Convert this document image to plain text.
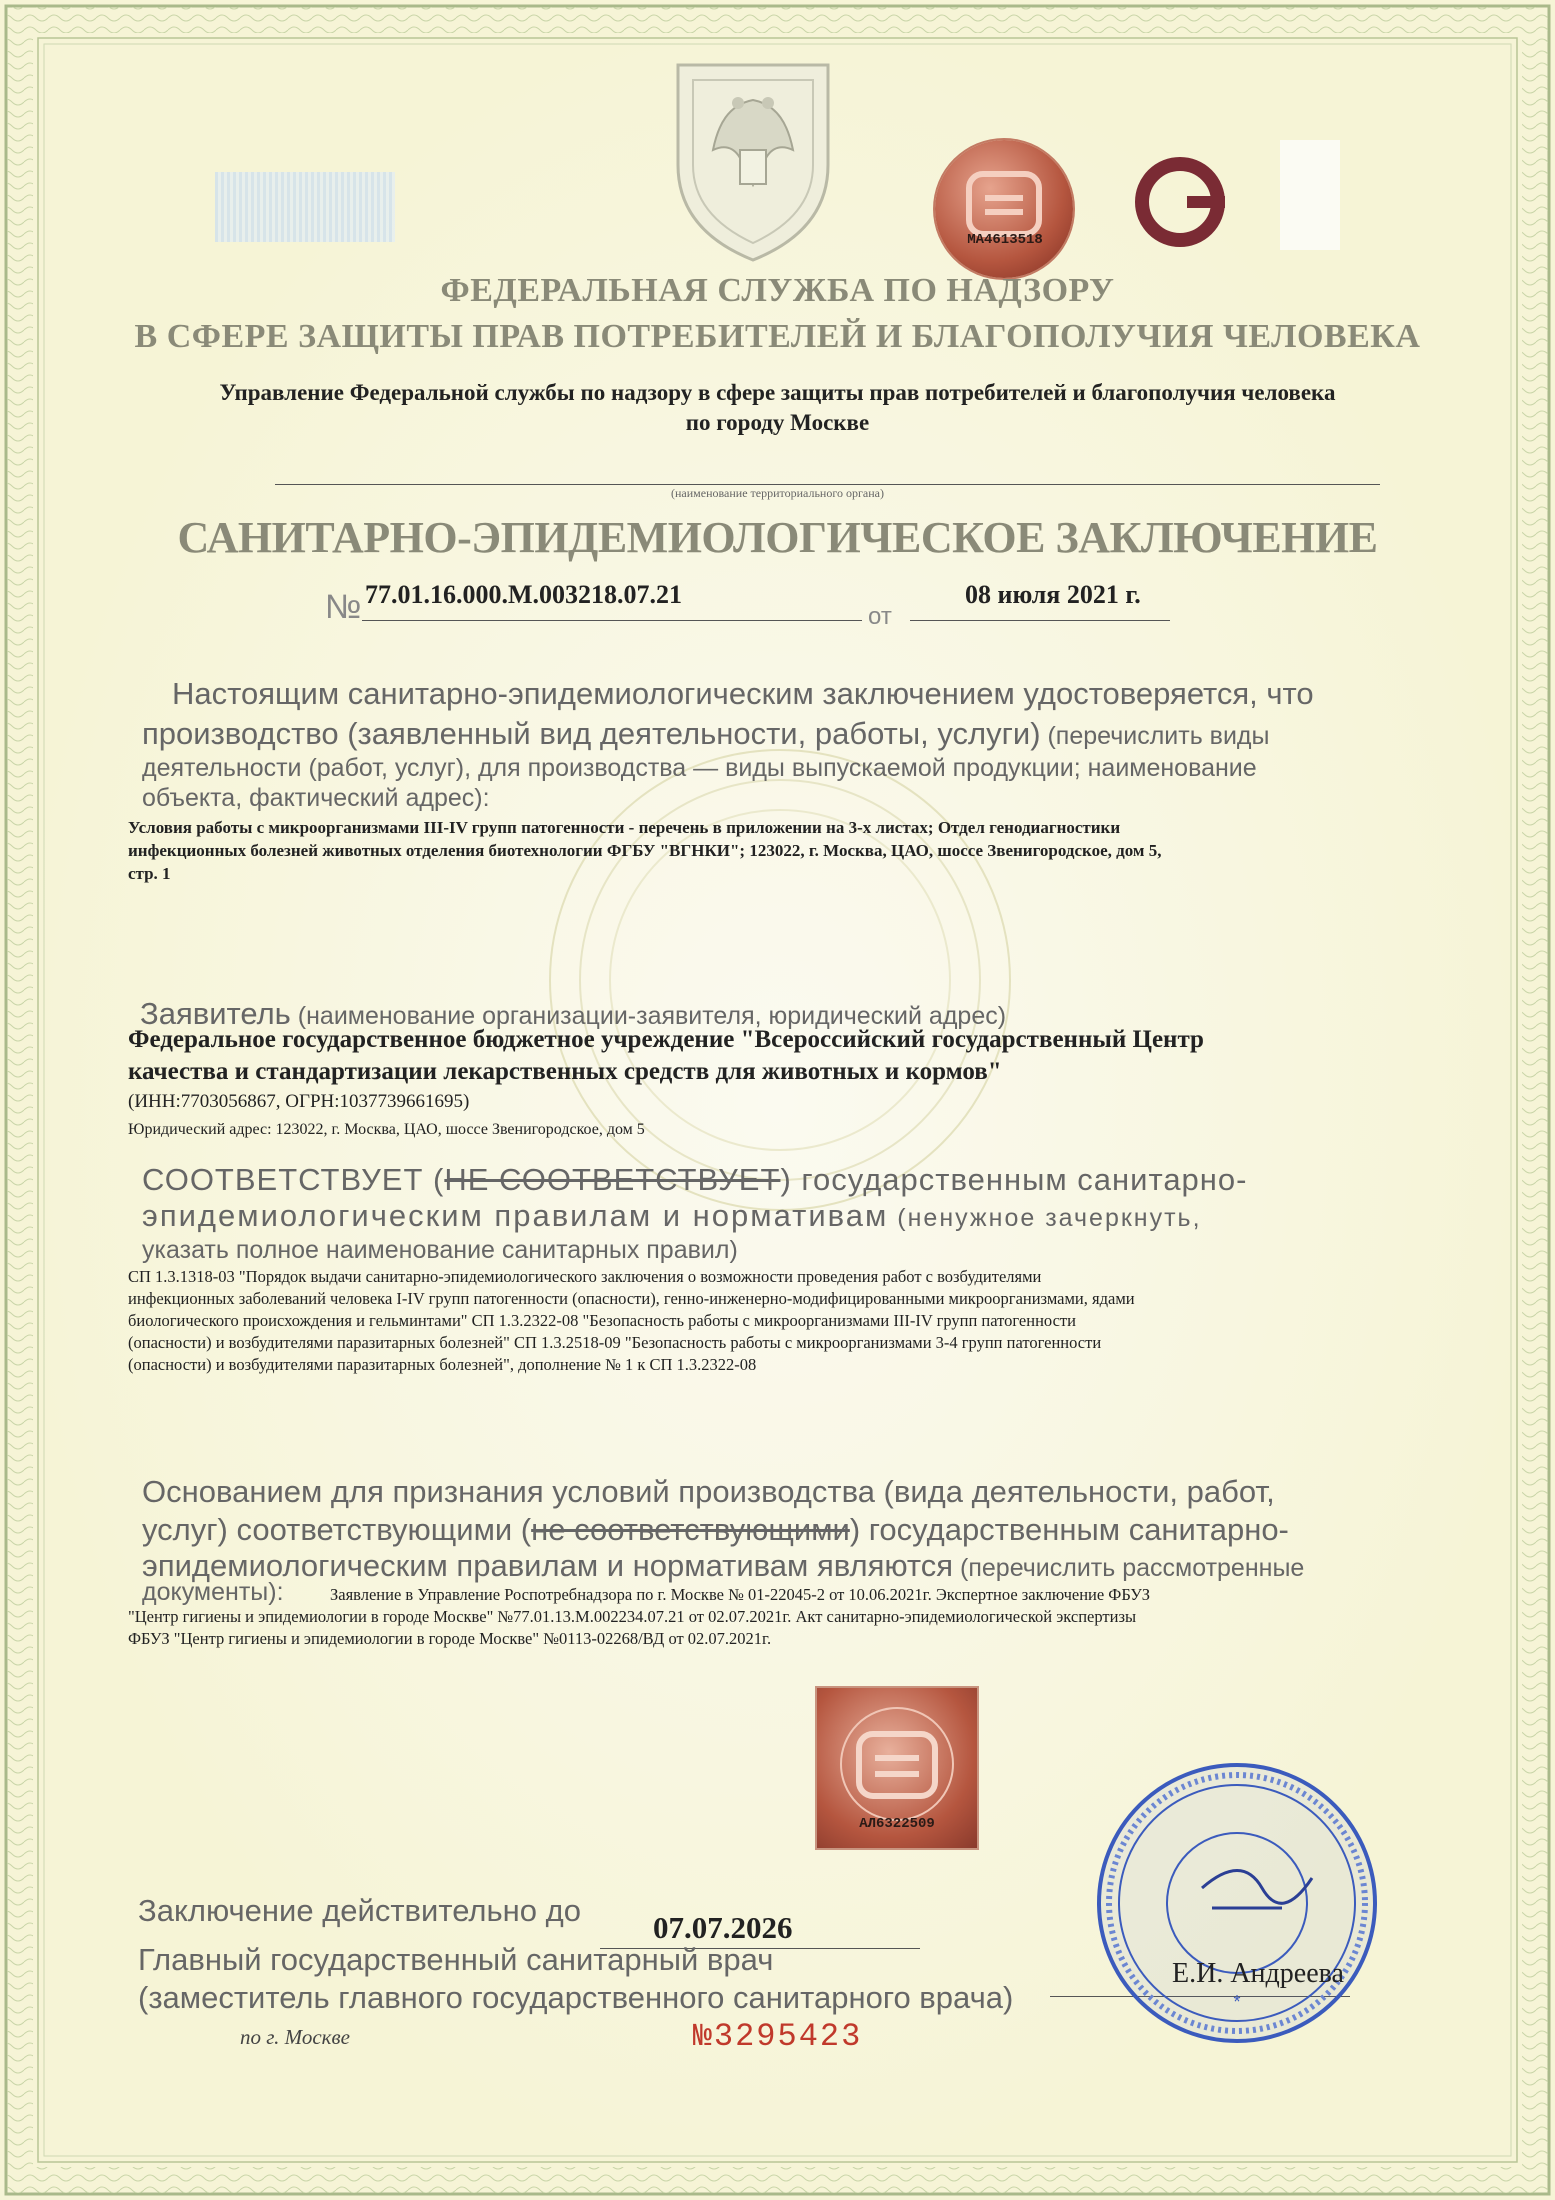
МА4613518
ФЕДЕРАЛЬНАЯ СЛУЖБА ПО НАДЗОРУ
В СФЕРЕ ЗАЩИТЫ ПРАВ ПОТРЕБИТЕЛЕЙ И БЛАГОПОЛУЧИЯ ЧЕЛОВЕКА
Управление Федеральной службы по надзору в сфере защиты прав потребителей и благополучия человека
по городу Москве
(наименование территориального органа)
САНИТАРНО-ЭПИДЕМИОЛОГИЧЕСКОЕ ЗАКЛЮЧЕНИЕ
№ 77.01.16.000.М.003218.07.21
от
08 июля 2021 г.
Настоящим санитарно-эпидемиологическим заключением удостоверяется, что
производство (заявленный вид деятельности, работы, услуги) (перечислить виды
деятельности (работ, услуг), для производства — виды выпускаемой продукции; наименование
объекта, фактический адрес):
Условия работы с микроорганизмами III-IV групп патогенности - перечень в приложении на 3-х листах; Отдел генодиагностики
инфекционных болезней животных отделения биотехнологии ФГБУ "ВГНКИ"; 123022, г. Москва, ЦАО, шоссе Звенигородское, дом 5,
стр. 1
Заявитель (наименование организации-заявителя, юридический адрес)
Федеральное государственное бюджетное учреждение "Всероссийский государственный Центр
качества и стандартизации лекарственных средств для животных и кормов"
(ИНН:7703056867, ОГРН:1037739661695)
Юридический адрес: 123022, г. Москва, ЦАО, шоссе Звенигородское, дом 5
СООТВЕТСТВУЕТ (НЕ СООТВЕТСТВУЕТ) государственным санитарно-
эпидемиологическим правилам и нормативам (ненужное зачеркнуть,
указать полное наименование санитарных правил)
СП 1.3.1318-03 "Порядок выдачи санитарно-эпидемиологического заключения о возможности проведения работ с возбудителями
инфекционных заболеваний человека I-IV групп патогенности (опасности), генно-инженерно-модифицированными микроорганизмами, ядами
биологического происхождения и гельминтами" СП 1.3.2322-08 "Безопасность работы с микроорганизмами III-IV групп патогенности
(опасности) и возбудителями паразитарных болезней" СП 1.3.2518-09 "Безопасность работы с микроорганизмами 3-4 групп патогенности
(опасности) и возбудителями паразитарных болезней", дополнение № 1 к СП 1.3.2322-08
Основанием для признания условий производства (вида деятельности, работ,
услуг) соответствующими (не соответствующими) государственным санитарно-
эпидемиологическим правилам и нормативам являются (перечислить рассмотренные
документы):	Заявление в Управление Роспотребнадзора по г. Москве № 01-22045-2 от 10.06.2021г. Экспертное заключение ФБУЗ
"Центр гигиены и эпидемиологии в городе Москве" №77.01.13.М.002234.07.21 от 02.07.2021г. Акт санитарно-эпидемиологической экспертизы
ФБУЗ "Центр гигиены и эпидемиологии в городе Москве" №0113-02268/ВД от 02.07.2021г.
АЛ6322509
Заключение действительно до 07.07.2026
Главный государственный санитарный врач
(заместитель главного государственного санитарного врача)
по г. Москве
*
Е.И. Андреева
№3295423
